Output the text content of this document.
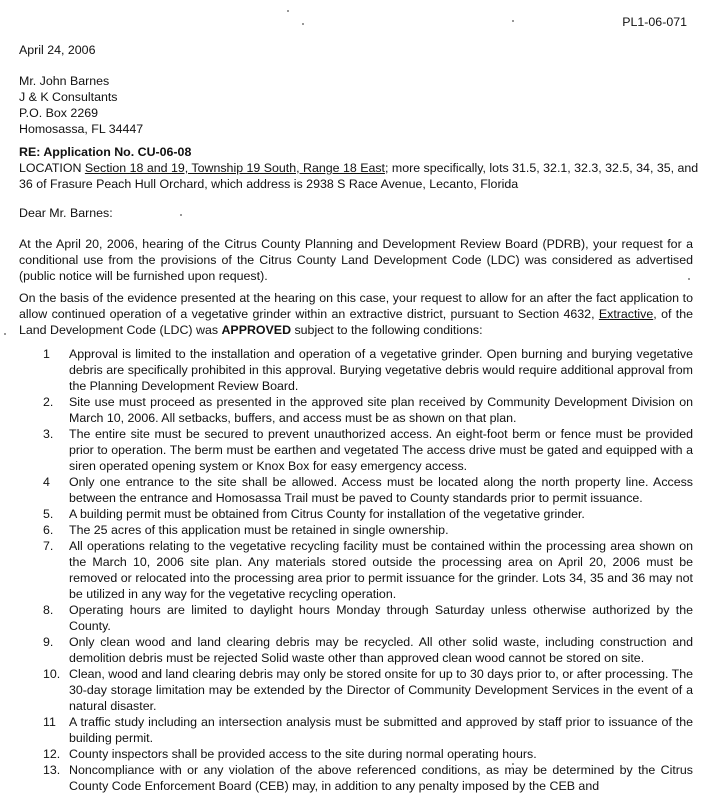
PL1-06-071
April 24, 2006
Mr. John Barnes
J & K Consultants
P.O. Box 2269
Homosassa, FL 34447
RE: Application No. CU-06-08
LOCATION Section 18 and 19, Township 19 South, Range 18 East; more specifically, lots 31.5, 32.1, 32.3, 32.5, 34, 35, and 36 of Frasure Peach Hull Orchard, which address is 2938 S Race Avenue, Lecanto, Florida
Dear Mr. Barnes:
At the April 20, 2006, hearing of the Citrus County Planning and Development Review Board (PDRB), your request for a conditional use from the provisions of the Citrus County Land Development Code (LDC) was considered as advertised (public notice will be furnished upon request).
On the basis of the evidence presented at the hearing on this case, your request to allow for an after the fact application to allow continued operation of a vegetative grinder within an extractive district, pursuant to Section 4632, Extractive, of the Land Development Code (LDC) was APPROVED subject to the following conditions:
1	Approval is limited to the installation and operation of a vegetative grinder. Open burning and burying vegetative debris are specifically prohibited in this approval. Burying vegetative debris would require additional approval from the Planning Development Review Board.
2.	Site use must proceed as presented in the approved site plan received by Community Development Division on March 10, 2006. All setbacks, buffers, and access must be as shown on that plan.
3.	The entire site must be secured to prevent unauthorized access. An eight-foot berm or fence must be provided prior to operation. The berm must be earthen and vegetated The access drive must be gated and equipped with a siren operated opening system or Knox Box for easy emergency access.
4	Only one entrance to the site shall be allowed. Access must be located along the north property line. Access between the entrance and Homosassa Trail must be paved to County standards prior to permit issuance.
5.	A building permit must be obtained from Citrus County for installation of the vegetative grinder.
6.	The 25 acres of this application must be retained in single ownership.
7.	All operations relating to the vegetative recycling facility must be contained within the processing area shown on the March 10, 2006 site plan. Any materials stored outside the processing area on April 20, 2006 must be removed or relocated into the processing area prior to permit issuance for the grinder. Lots 34, 35 and 36 may not be utilized in any way for the vegetative recycling operation.
8.	Operating hours are limited to daylight hours Monday through Saturday unless otherwise authorized by the County.
9.	Only clean wood and land clearing debris may be recycled. All other solid waste, including construction and demolition debris must be rejected Solid waste other than approved clean wood cannot be stored on site.
10. Clean, wood and land clearing debris may only be stored onsite for up to 30 days prior to, or after processing. The 30-day storage limitation may be extended by the Director of Community Development Services in the event of a natural disaster.
11	A traffic study including an intersection analysis must be submitted and approved by staff prior to issuance of the building permit.
12. County inspectors shall be provided access to the site during normal operating hours.
13. Noncompliance with or any violation of the above referenced conditions, as may be determined by the Citrus County Code Enforcement Board (CEB) may, in addition to any penalty imposed by the CEB and
